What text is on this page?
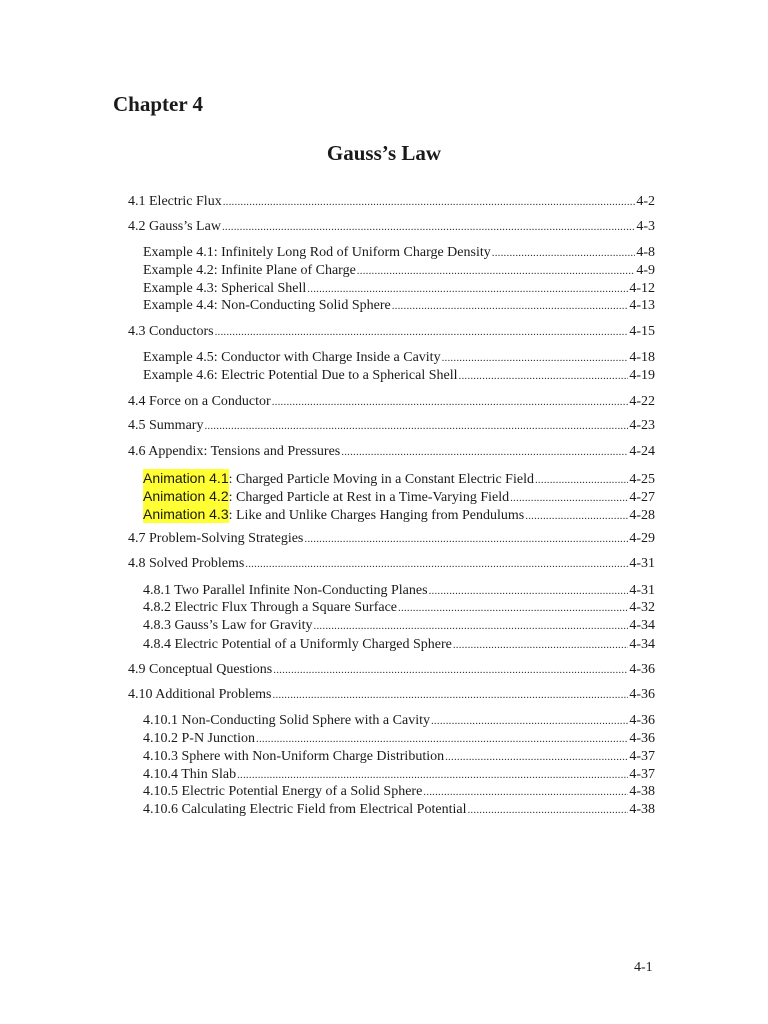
Chapter 4
Gauss’s Law
4.1 Electric Flux .....	4-2
4.2 Gauss’s Law .....	4-3
Example 4.1: Infinitely Long Rod of Uniform Charge Density .....	4-8
Example 4.2: Infinite Plane of Charge .....	4-9
Example 4.3: Spherical Shell .....	4-12
Example 4.4: Non-Conducting Solid Sphere .....	4-13
4.3 Conductors .....	4-15
Example 4.5: Conductor with Charge Inside a Cavity .....	4-18
Example 4.6: Electric Potential Due to a Spherical Shell .....	4-19
4.4 Force on a Conductor .....	4-22
4.5 Summary .....	4-23
4.6 Appendix: Tensions and Pressures .....	4-24
Animation 4.1 : Charged Particle Moving in a Constant Electric Field .....	4-25
Animation 4.2 : Charged Particle at Rest in a Time-Varying Field .....	4-27
Animation 4.3 : Like and Unlike Charges Hanging from Pendulums .....	4-28
4.7 Problem-Solving Strategies .....	4-29
4.8 Solved Problems .....	4-31
4.8.1 Two Parallel Infinite Non-Conducting Planes .....	4-31
4.8.2 Electric Flux Through a Square Surface .....	4-32
4.8.3 Gauss’s Law for Gravity .....	4-34
4.8.4 Electric Potential of a Uniformly Charged Sphere .....	4-34
4.9 Conceptual Questions .....	4-36
4.10 Additional Problems .....	4-36
4.10.1 Non-Conducting Solid Sphere with a Cavity .....	4-36
4.10.2 P-N Junction .....	4-36
4.10.3 Sphere with Non-Uniform Charge Distribution .....	4-37
4.10.4 Thin Slab .....	4-37
4.10.5 Electric Potential Energy of a Solid Sphere .....	4-38
4.10.6 Calculating Electric Field from Electrical Potential .....	4-38
4-1
